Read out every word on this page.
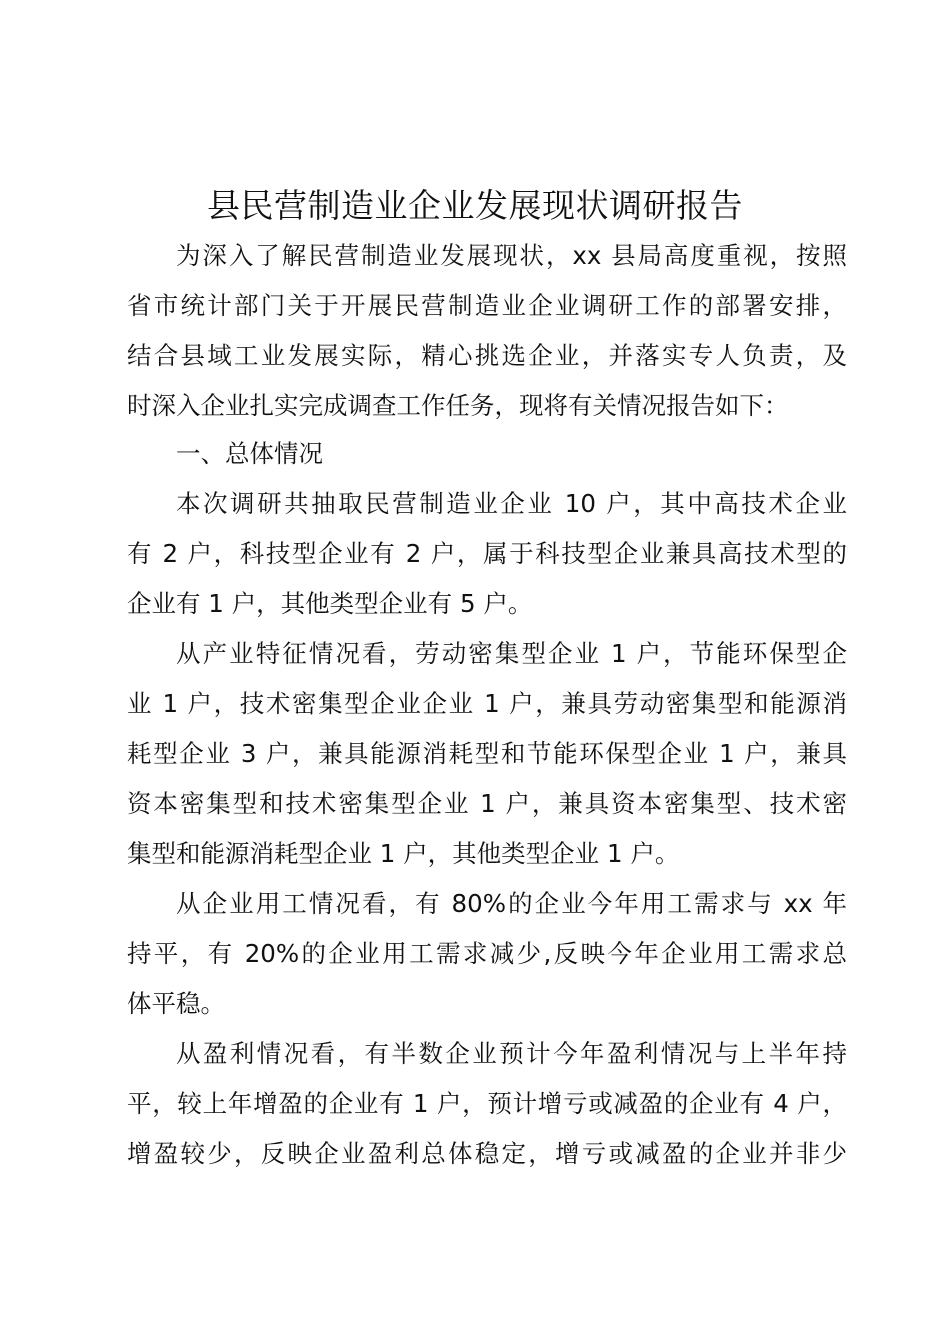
县民营制造业企业发展现状调研报告
为深入了解民营制造业发展现状，xx 县局高度重视，按照
省市统计部门关于开展民营制造业企业调研工作的部署安排，
结合县域工业发展实际，精心挑选企业，并落实专人负责，及
时深入企业扎实完成调查工作任务，现将有关情况报告如下：
一、总体情况
本次调研共抽取民营制造业企业 10 户，其中高技术企业
有 2 户，科技型企业有 2 户，属于科技型企业兼具高技术型的
企业有 1 户，其他类型企业有 5 户。
从产业特征情况看，劳动密集型企业 1 户，节能环保型企
业 1 户，技术密集型企业企业 1 户，兼具劳动密集型和能源消
耗型企业 3 户，兼具能源消耗型和节能环保型企业 1 户，兼具
资本密集型和技术密集型企业 1 户，兼具资本密集型、技术密
集型和能源消耗型企业 1 户，其他类型企业 1 户。
从企业用工情况看，有 80%的企业今年用工需求与 xx 年
持平，有 20%的企业用工需求减少,反映今年企业用工需求总
体平稳。
从盈利情况看，有半数企业预计今年盈利情况与上半年持
平，较上年增盈的企业有 1 户，预计增亏或减盈的企业有 4 户，
增盈较少，反映企业盈利总体稳定，增亏或减盈的企业并非少
